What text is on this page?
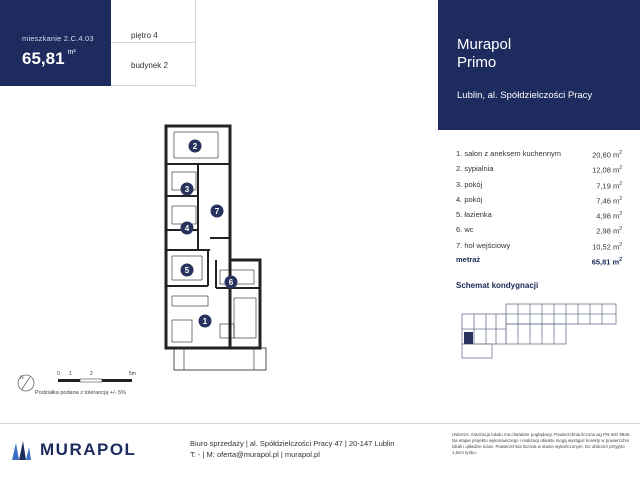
mieszkanie 2.C.4.03
65,81 $^{m^2}$
piętro 4
budynek 2
Murapol
Primo
Lublin, al. Spółdzielczości Pracy
1. salon z aneksem kuchennym	20,60 $m^2$
2. sypialnia	12,08 $m^2$
3. pokój	7,19 $m^2$
4. pokój	7,46 $m^2$
5. łazienka	4,98 $m^2$
6. wc	2,98 $m^2$
7. hol wejściowy	10,52 $m^2$
metraż	65,81 $m^2$
Schemat kondygnacji
1
2
3
4
5
6
7
N
0 1	2	5m
Podziałka podana z tolerancją +/- 5%
MURAPOL	Biuro sprzedaży | al. Spółdzielczości Pracy 47 | 20-147 Lublin
T: - | M: oferta@murapol.pl | murapol.pl
UWAGA: Aranżacja lokalu ma charakter poglądowy. Powierzchnia liczona wg PN-ISO 9836. Na etapie projektu wykonawczego i realizacji obiektu mogą wystąpić korekty w powierzchni lokali i układzie ścian. Powierzchnia liczona w stanie wykończonym. Do obliczeń przyjęto 1,5cm tynku.
